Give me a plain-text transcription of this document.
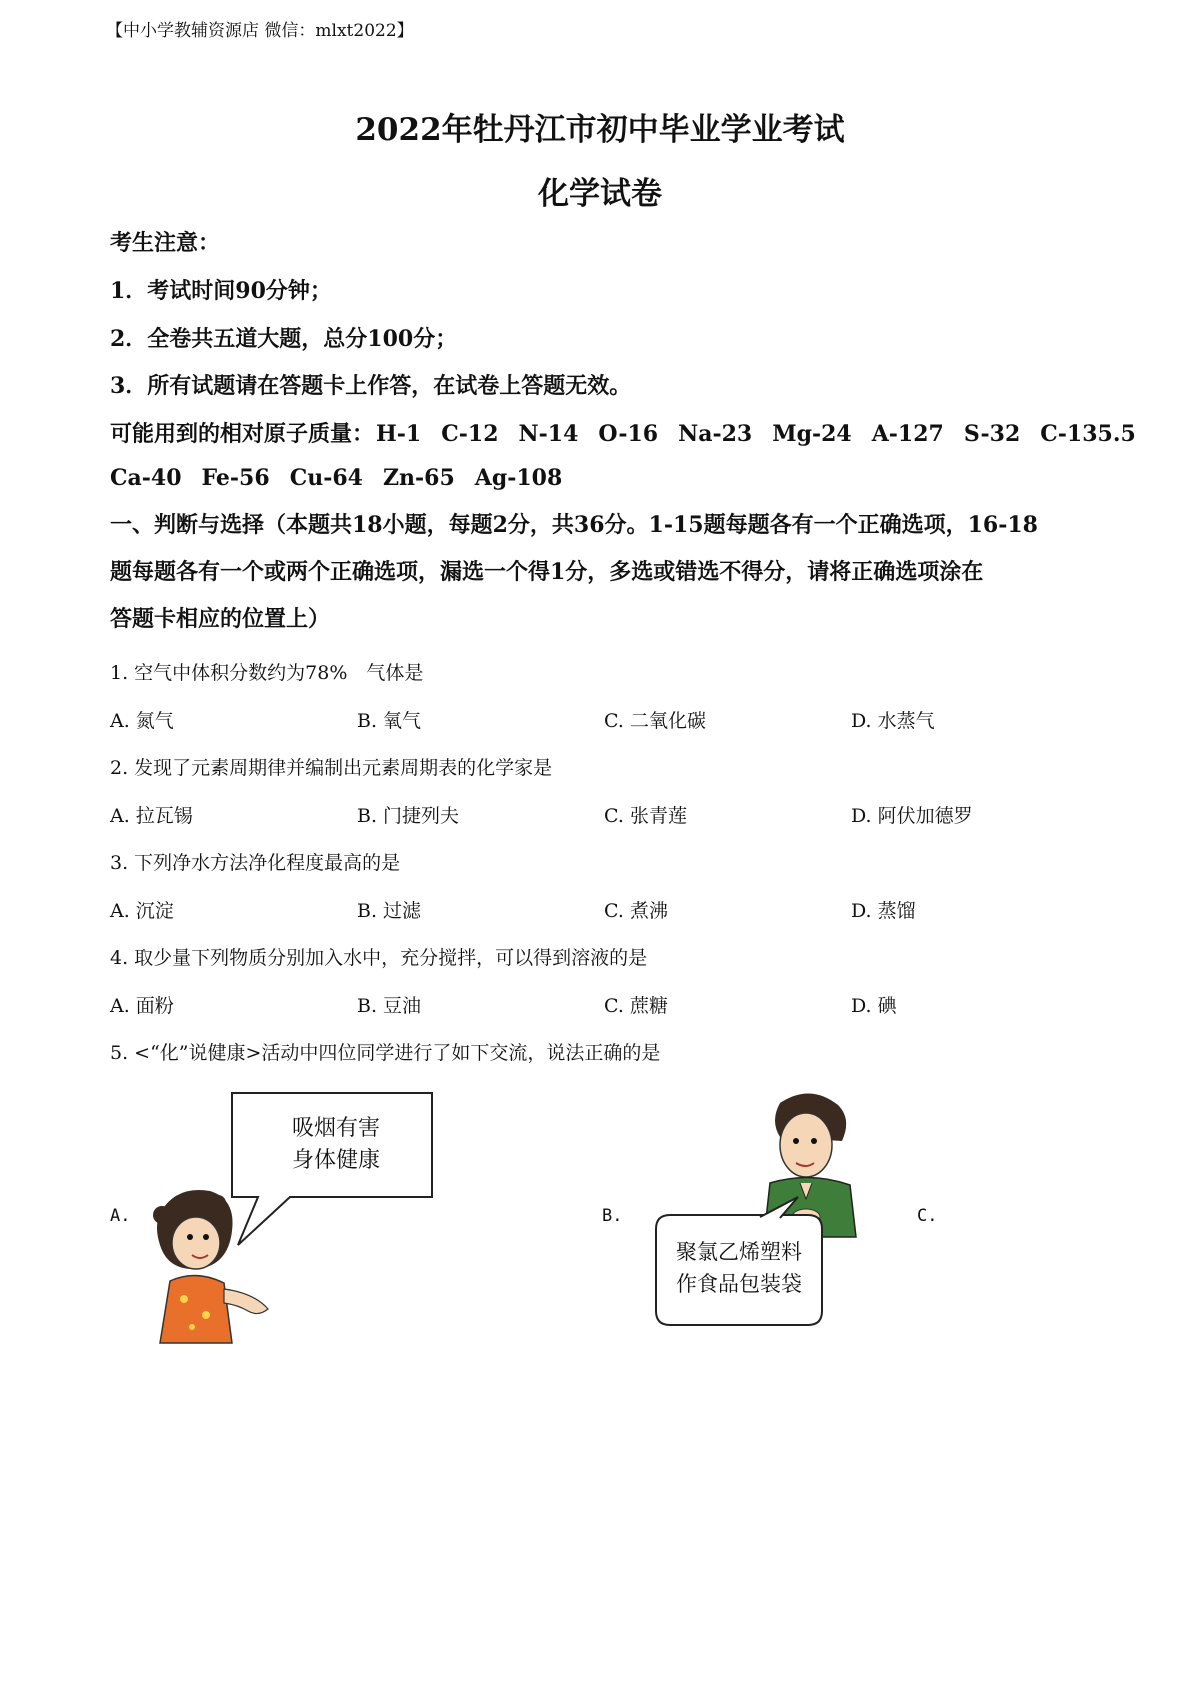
【中小学教辅资源店 微信：mlxt2022】
2022年牡丹江市初中毕业学业考试
化学试卷
考生注意：
1．考试时间90分钟；
2．全卷共五道大题，总分100分；
3．所有试题请在答题卡上作答，在试卷上答题无效。
可能用到的相对原子质量：H-1 C-12 N-14 O-16 Na-23 Mg-24 A-127 S-32 C-135.5
Ca-40 Fe-56 Cu-64 Zn-65 Ag-108
一、判断与选择（本题共18小题，每题2分，共36分。1-15题每题各有一个正确选项，16-18
题每题各有一个或两个正确选项，漏选一个得1分，多选或错选不得分，请将正确选项涂在
答题卡相应的位置上）
1. 空气中体积分数约为78%　气体是
A. 氮气	B. 氧气	C. 二氧化碳	D. 水蒸气
2. 发现了元素周期律并编制出元素周期表的化学家是
A. 拉瓦锡	B. 门捷列夫	C. 张青莲	D. 阿伏加德罗
3. 下列净水方法净化程度最高的是
A. 沉淀	B. 过滤	C. 煮沸	D. 蒸馏
4. 取少量下列物质分别加入水中，充分搅拌，可以得到溶液的是
A. 面粉	B. 豆油	C. 蔗糖	D. 碘
5. <“化”说健康>活动中四位同学进行了如下交流，说法正确的是
A.	B.	C.
吸烟有害
身体健康
聚氯乙烯塑料
作食品包装袋
